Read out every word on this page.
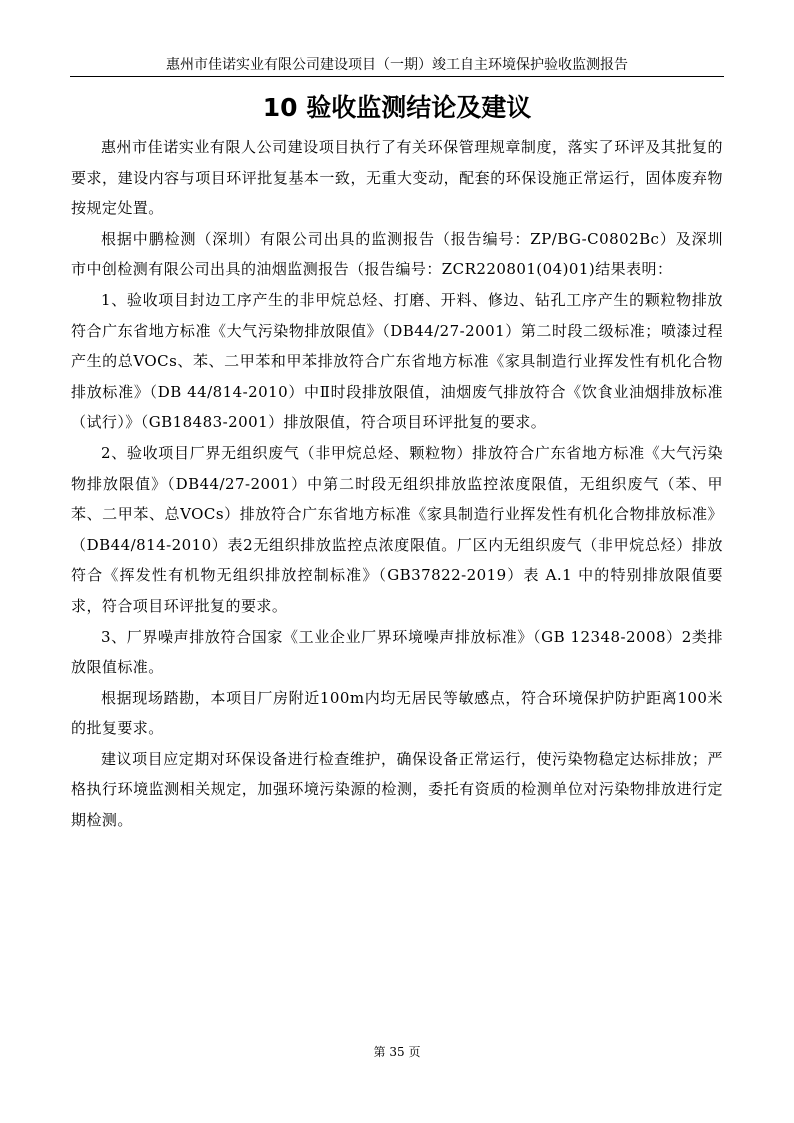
惠州市佳诺实业有限公司建设项目（一期）竣工自主环境保护验收监测报告
10 验收监测结论及建议

惠州市佳诺实业有限人公司建设项目执行了有关环保管理规章制度，落实了环评及其批复的要求，建设内容与项目环评批复基本一致，无重大变动，配套的环保设施正常运行，固体废弃物按规定处置。

根据中鹏检测（深圳）有限公司出具的监测报告（报告编号：ZP/BG-C0802Bc）及深圳市中创检测有限公司出具的油烟监测报告（报告编号：ZCR220801(04)01)结果表明：

1、验收项目封边工序产生的非甲烷总烃、打磨、开料、修边、钻孔工序产生的颗粒物排放符合广东省地方标准《大气污染物排放限值》（DB44/27-2001）第二时段二级标准；喷漆过程产生的总VOCs、苯、二甲苯和甲苯排放符合广东省地方标准《家具制造行业挥发性有机化合物排放标准》（DB 44/814-2010）中Ⅱ时段排放限值，油烟废气排放符合《饮食业油烟排放标准（试行）》（GB18483-2001）排放限值，符合项目环评批复的要求。

2、验收项目厂界无组织废气（非甲烷总烃、颗粒物）排放符合广东省地方标准《大气污染物排放限值》（DB44/27-2001）中第二时段无组织排放监控浓度限值，无组织废气（苯、甲苯、二甲苯、总VOCs）排放符合广东省地方标准《家具制造行业挥发性有机化合物排放标准》（DB44/814-2010）表2无组织排放监控点浓度限值。厂区内无组织废气（非甲烷总烃）排放符合《挥发性有机物无组织排放控制标准》（GB37822-2019）表 A.1 中的特别排放限值要求，符合项目环评批复的要求。

3、厂界噪声排放符合国家《工业企业厂界环境噪声排放标准》（GB 12348-2008）2类排放限值标准。

根据现场踏勘，本项目厂房附近100m内均无居民等敏感点，符合环境保护防护距离100米的批复要求。

建议项目应定期对环保设备进行检查维护，确保设备正常运行，使污染物稳定达标排放；严格执行环境监测相关规定，加强环境污染源的检测，委托有资质的检测单位对污染物排放进行定期检测。

第 35 页
